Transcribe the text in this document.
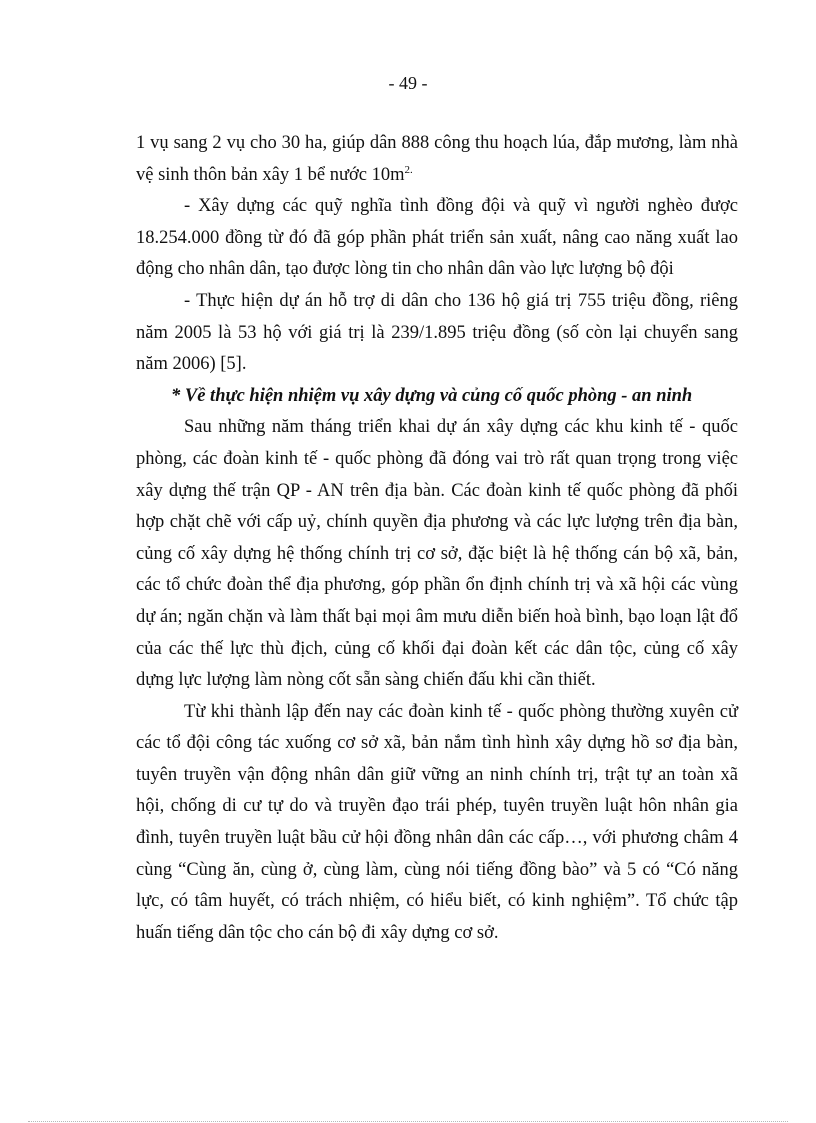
- 49 -

1 vụ sang 2 vụ cho 30 ha, giúp dân 888 công thu hoạch lúa, đắp mương, làm nhà vệ sinh thôn bản xây 1 bể nước $10m^{2.}$

- Xây dựng các quỹ nghĩa tình đồng đội và quỹ vì người nghèo được 18.254.000 đồng từ đó đã góp phần phát triển sản xuất, nâng cao năng xuất lao động cho nhân dân, tạo được lòng tin cho nhân dân vào lực lượng bộ đội

- Thực hiện dự án hỗ trợ di dân cho 136 hộ giá trị 755 triệu đồng, riêng năm 2005 là 53 hộ với giá trị là 239/1.895 triệu đồng (số còn lại chuyển sang năm 2006) [5].

* Về thực hiện nhiệm vụ xây dựng và củng cố quốc phòng - an ninh

Sau những năm tháng triển khai dự án xây dựng các khu kinh tế - quốc phòng, các đoàn kinh tế - quốc phòng đã đóng vai trò rất quan trọng trong việc xây dựng thế trận QP - AN trên địa bàn. Các đoàn kinh tế quốc phòng đã phối hợp chặt chẽ với cấp uỷ, chính quyền địa phương và các lực lượng trên địa bàn, củng cố xây dựng hệ thống chính trị cơ sở, đặc biệt là hệ thống cán bộ xã, bản, các tổ chức đoàn thể địa phương, góp phần ổn định chính trị và xã hội các vùng dự án; ngăn chặn và làm thất bại mọi âm mưu diễn biến hoà bình, bạo loạn lật đổ của các thế lực thù địch, củng cố khối đại đoàn kết các dân tộc, củng cố xây dựng lực lượng làm nòng cốt sẵn sàng chiến đấu khi cần thiết.

Từ khi thành lập đến nay các đoàn kinh tế - quốc phòng thường xuyên cử các tổ đội công tác xuống cơ sở xã, bản nắm tình hình xây dựng hồ sơ địa bàn, tuyên truyền vận động nhân dân giữ vững an ninh chính trị, trật tự an toàn xã hội, chống di cư tự do và truyền đạo trái phép, tuyên truyền luật hôn nhân gia đình, tuyên truyền luật bầu cử hội đồng nhân dân các cấp…, với phương châm 4 cùng “Cùng ăn, cùng ở, cùng làm, cùng nói tiếng đồng bào” và 5 có “Có năng lực, có tâm huyết, có trách nhiệm, có hiểu biết, có kinh nghiệm”. Tổ chức tập huấn tiếng dân tộc cho cán bộ đi xây dựng cơ sở.
